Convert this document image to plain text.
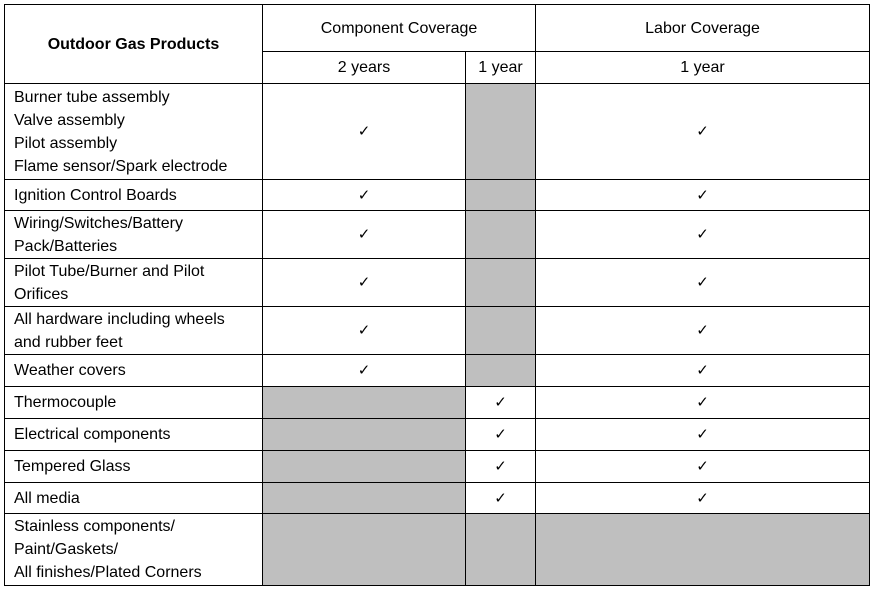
Outdoor Gas Products	Component Coverage		Labor Coverage
	2 years	1 year	1 year

Burner tube assembly
Valve assembly
Pilot assembly
Flame sensor/Spark electrode	✓		✓

Ignition Control Boards	✓		✓

Wiring/Switches/Battery
Pack/Batteries	✓		✓

Pilot Tube/Burner and Pilot
Orifices	✓		✓

All hardware including wheels
and rubber feet	✓		✓

Weather covers	✓		✓

Thermocouple		✓	✓

Electrical components		✓	✓

Tempered Glass		✓	✓

All media		✓	✓

Stainless components/
Paint/Gaskets/
All finishes/Plated Corners			
